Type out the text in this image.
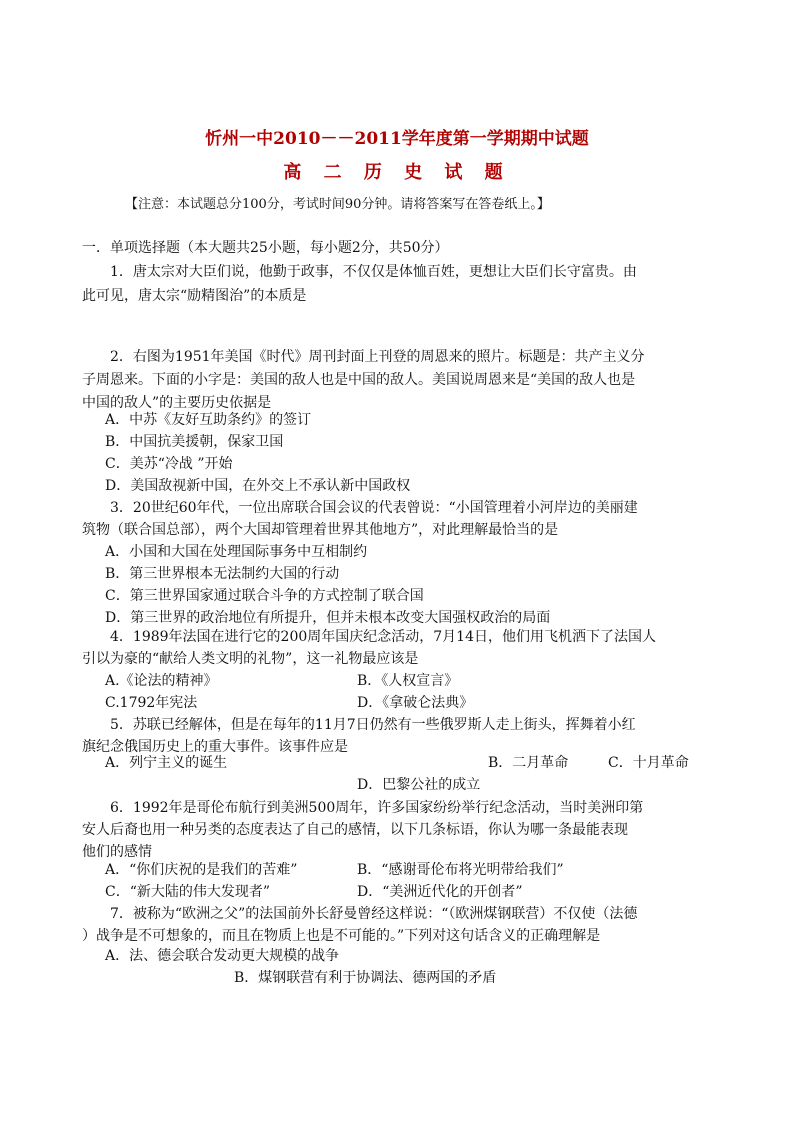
忻州一中2010－－2011学年度第一学期期中试题
高 二 历 史 试 题
【注意：本试题总分100分，考试时间90分钟。请将答案写在答卷纸上。】
一．单项选择题（本大题共25小题，每小题2分，共50分）
1．唐太宗对大臣们说，他勤于政事，不仅仅是体恤百姓，更想让大臣们长守富贵。由
此可见，唐太宗“励精图治”的本质是
2．右图为1951年美国《时代》周刊封面上刊登的周恩来的照片。标题是：共产主义分
子周恩来。下面的小字是：美国的敌人也是中国的敌人。美国说周恩来是“美国的敌人也是
中国的敌人”的主要历史依据是
A．中苏《友好互助条约》的签订
B．中国抗美援朝，保家卫国
C．美苏“冷战 ”开始
D．美国敌视新中国，在外交上不承认新中国政权
3．20世纪60年代，一位出席联合国会议的代表曾说：“小国管理着小河岸边的美丽建
筑物（联合国总部），两个大国却管理着世界其他地方”，对此理解最恰当的是
A．小国和大国在处理国际事务中互相制约
B．第三世界根本无法制约大国的行动
C．第三世界国家通过联合斗争的方式控制了联合国
D．第三世界的政治地位有所提升，但并未根本改变大国强权政治的局面
4．1989年法国在进行它的200周年国庆纪念活动，7月14日，他们用飞机洒下了法国人
引以为豪的“献给人类文明的礼物”，这一礼物最应该是
A.《论法的精神》	B．《人权宣言》
C.1792年宪法	D．《拿破仑法典》
5．苏联已经解体，但是在每年的11月7日仍然有一些俄罗斯人走上街头，挥舞着小红
旗纪念俄国历史上的重大事件。该事件应是
A．列宁主义的诞生	B．二月革命	C．十月革命
D．巴黎公社的成立
6．1992年是哥伦布航行到美洲500周年，许多国家纷纷举行纪念活动，当时美洲印第
安人后裔也用一种另类的态度表达了自己的感情，以下几条标语，你认为哪一条最能表现
他们的感情
A．“你们庆祝的是我们的苦难”	B．“感谢哥伦布将光明带给我们”
C．“新大陆的伟大发现者”	D．“美洲近代化的开创者”
7．被称为“欧洲之父”的法国前外长舒曼曾经这样说：“（欧洲煤钢联营）不仅使（法德
）战争是不可想象的，而且在物质上也是不可能的。”下列对这句话含义的正确理解是
A．法、德会联合发动更大规模的战争
B．煤钢联营有利于协调法、德两国的矛盾
